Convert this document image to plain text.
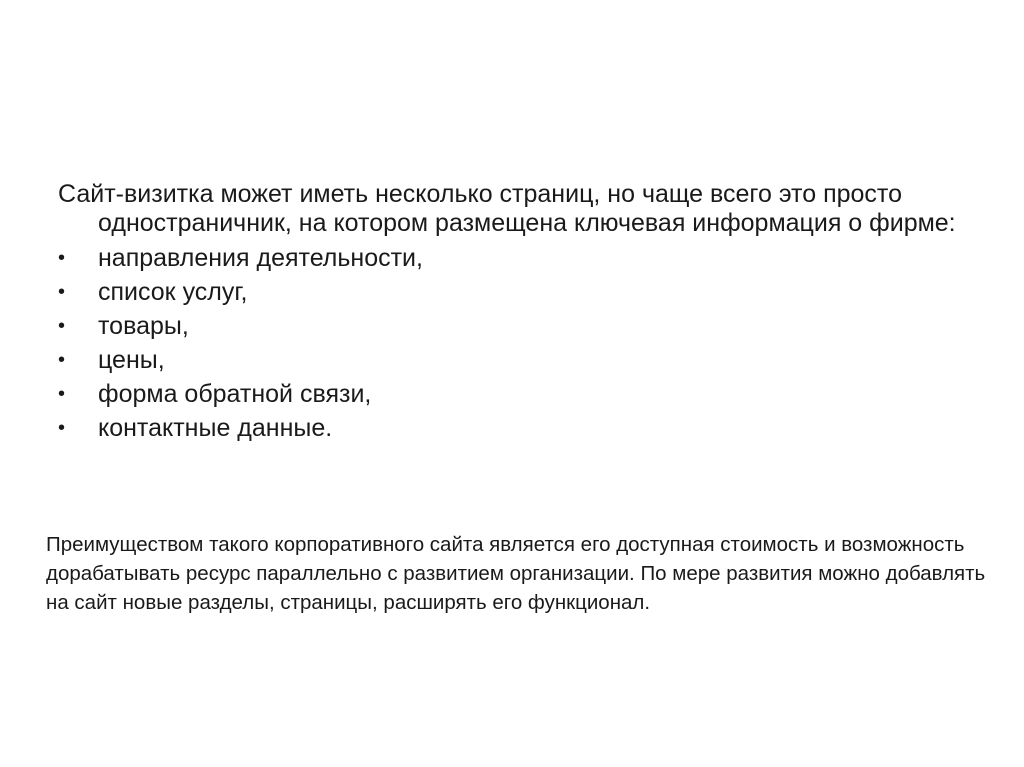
Сайт-визитка может иметь несколько страниц, но чаще всего это просто одностраничник, на котором размещена ключевая информация о фирме:

• направления деятельности,
• список услуг,
• товары,
• цены,
• форма обратной связи,
• контактные данные.

Преимуществом такого корпоративного сайта является его доступная стоимость и возможность дорабатывать ресурс параллельно с развитием организации. По мере развития можно добавлять на сайт новые разделы, страницы, расширять его функционал.
